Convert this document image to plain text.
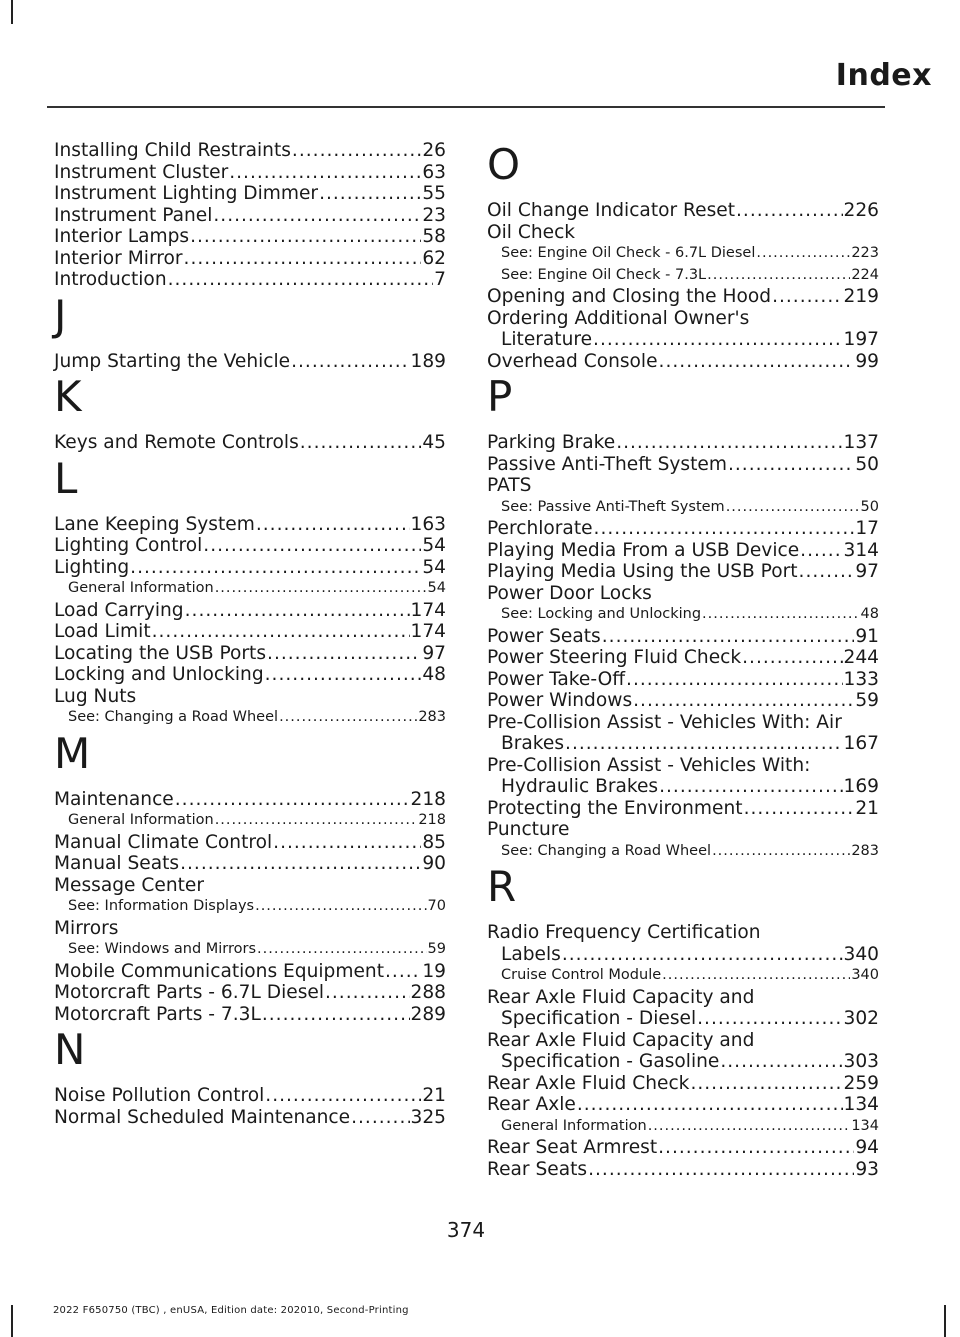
Index
Installing Child Restraints .....	26
Instrument Cluster .....	63
Instrument Lighting Dimmer .....	55
Instrument Panel .....	23
Interior Lamps .....	58
Interior Mirror .....	62
Introduction .....	7
J
Jump Starting the Vehicle .....	189
K
Keys and Remote Controls .....	45
L
Lane Keeping System .....	163
Lighting Control .....	54
Lighting .....	54
General Information .....	54
Load Carrying .....	174
Load Limit .....	174
Locating the USB Ports .....	97
Locking and Unlocking .....	48
Lug Nuts
See: Changing a Road Wheel .....	283
M
Maintenance .....	218
General Information .....	218
Manual Climate Control .....	85
Manual Seats .....	90
Message Center
See: Information Displays .....	70
Mirrors
See: Windows and Mirrors .....	59
Mobile Communications Equipment ..... 19
Motorcraft Parts - 6.7L Diesel .....	288
Motorcraft Parts - 7.3L .....	289
N
Noise Pollution Control .....	21
Normal Scheduled Maintenance .....	325
O
Oil Change Indicator Reset .....	226
Oil Check
See: Engine Oil Check - 6.7L Diesel .....	223
See: Engine Oil Check - 7.3L .....	224
Opening and Closing the Hood .....	219
Ordering Additional Owner's
Literature .....	197
Overhead Console .....	99
P
Parking Brake .....	137
Passive Anti-Theft System .....	50
PATS
See: Passive Anti-Theft System .....	50
Perchlorate .....	17
Playing Media From a USB Device ..... 314
Playing Media Using the USB Port .....	97
Power Door Locks
See: Locking and Unlocking .....	48
Power Seats .....	91
Power Steering Fluid Check .....	244
Power Take-Off .....	133
Power Windows .....	59
Pre-Collision Assist - Vehicles With: Air
Brakes .....	167
Pre-Collision Assist - Vehicles With:
Hydraulic Brakes .....	169
Protecting the Environment .....	21
Puncture
See: Changing a Road Wheel .....	283
R
Radio Frequency Certification
Labels .....	340
Cruise Control Module .....	340
Rear Axle Fluid Capacity and
Specification - Diesel .....	302
Rear Axle Fluid Capacity and
Specification - Gasoline .....	303
Rear Axle Fluid Check .....	259
Rear Axle .....	134
General Information .....	134
Rear Seat Armrest .....	94
Rear Seats .....	93
374
2022 F650750 (TBC) , enUSA, Edition date: 202010, Second-Printing
